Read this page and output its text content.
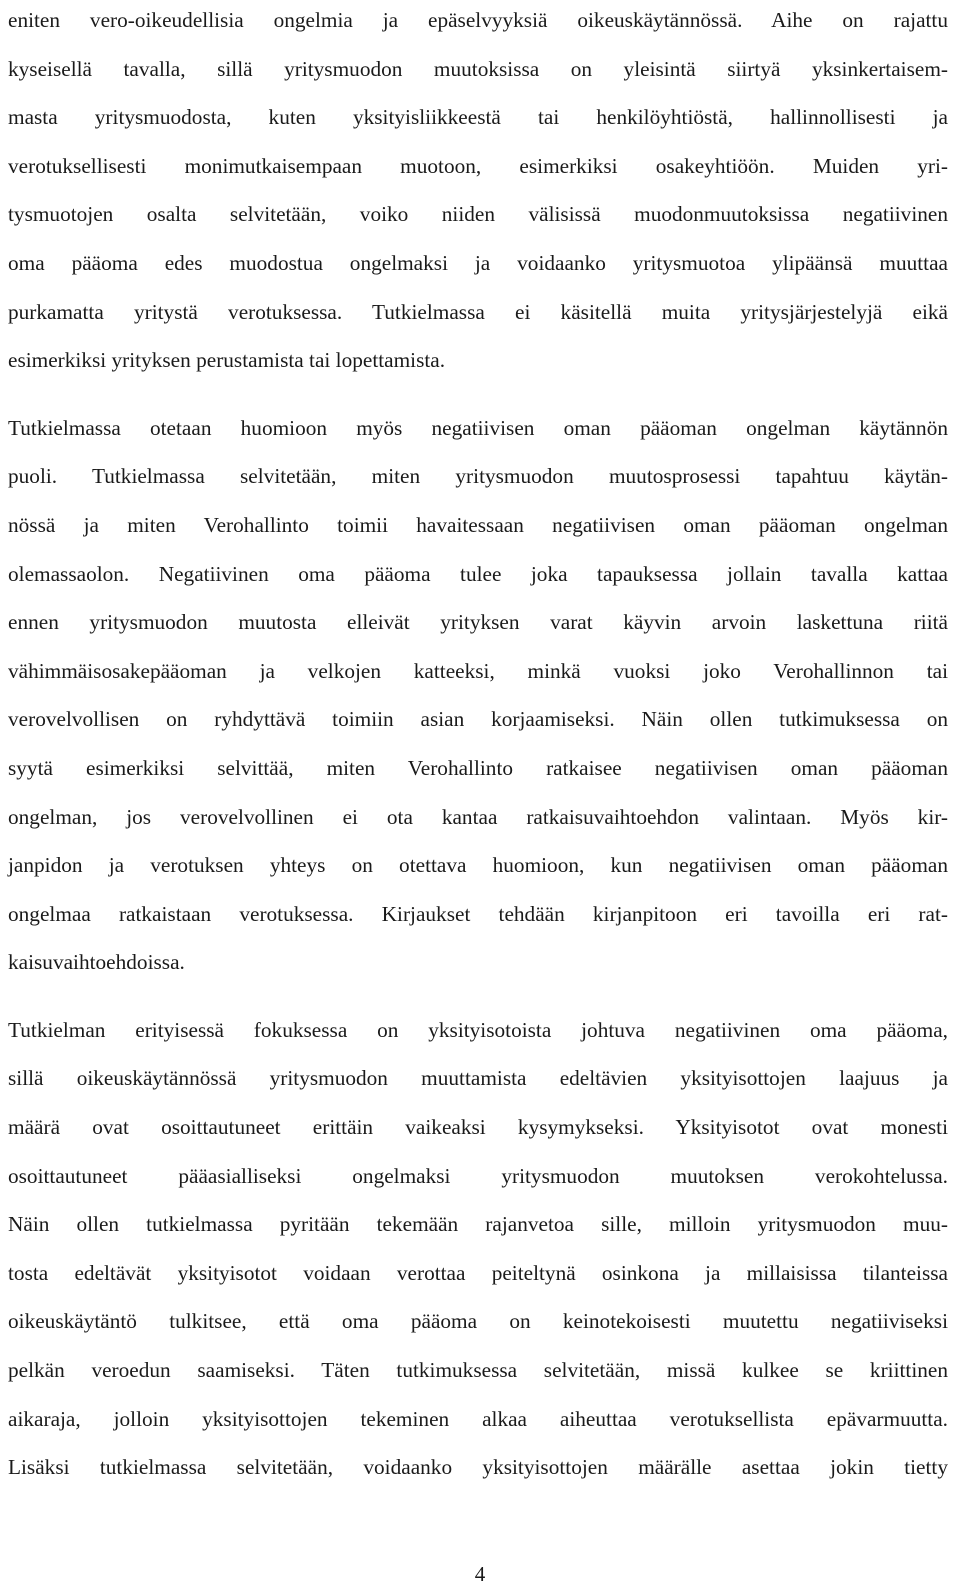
eniten vero-oikeudellisia ongelmia ja epäselvyyksiä oikeuskäytännössä. Aihe on rajattu
kyseisellä tavalla, sillä yritysmuodon muutoksissa on yleisintä siirtyä yksinkertaisem-
masta yritysmuodosta, kuten yksityisliikkeestä tai henkilöyhtiöstä, hallinnollisesti ja
verotuksellisesti monimutkaisempaan muotoon, esimerkiksi osakeyhtiöön. Muiden yri-
tysmuotojen osalta selvitetään, voiko niiden välisissä muodonmuutoksissa negatiivinen
oma pääoma edes muodostua ongelmaksi ja voidaanko yritysmuotoa ylipäänsä muuttaa
purkamatta yritystä verotuksessa. Tutkielmassa ei käsitellä muita yritysjärjestelyjä eikä
esimerkiksi yrityksen perustamista tai lopettamista.
Tutkielmassa otetaan huomioon myös negatiivisen oman pääoman ongelman käytännön
puoli. Tutkielmassa selvitetään, miten yritysmuodon muutosprosessi tapahtuu käytän-
nössä ja miten Verohallinto toimii havaitessaan negatiivisen oman pääoman ongelman
olemassaolon. Negatiivinen oma pääoma tulee joka tapauksessa jollain tavalla kattaa
ennen yritysmuodon muutosta elleivät yrityksen varat käyvin arvoin laskettuna riitä
vähimmäisosakepääoman ja velkojen katteeksi, minkä vuoksi joko Verohallinnon tai
verovelvollisen on ryhdyttävä toimiin asian korjaamiseksi. Näin ollen tutkimuksessa on
syytä esimerkiksi selvittää, miten Verohallinto ratkaisee negatiivisen oman pääoman
ongelman, jos verovelvollinen ei ota kantaa ratkaisuvaihtoehdon valintaan. Myös kir-
janpidon ja verotuksen yhteys on otettava huomioon, kun negatiivisen oman pääoman
ongelmaa ratkaistaan verotuksessa. Kirjaukset tehdään kirjanpitoon eri tavoilla eri rat-
kaisuvaihtoehdoissa.
Tutkielman erityisessä fokuksessa on yksityisotoista johtuva negatiivinen oma pääoma,
sillä oikeuskäytännössä yritysmuodon muuttamista edeltävien yksityisottojen laajuus ja
määrä ovat osoittautuneet erittäin vaikeaksi kysymykseksi. Yksityisotot ovat monesti
osoittautuneet pääasialliseksi ongelmaksi yritysmuodon muutoksen verokohtelussa.
Näin ollen tutkielmassa pyritään tekemään rajanvetoa sille, milloin yritysmuodon muu-
tosta edeltävät yksityisotot voidaan verottaa peiteltynä osinkona ja millaisissa tilanteissa
oikeuskäytäntö tulkitsee, että oma pääoma on keinotekoisesti muutettu negatiiviseksi
pelkän veroedun saamiseksi. Täten tutkimuksessa selvitetään, missä kulkee se kriittinen
aikaraja, jolloin yksityisottojen tekeminen alkaa aiheuttaa verotuksellista epävarmuutta.
Lisäksi tutkielmassa selvitetään, voidaanko yksityisottojen määrälle asettaa jokin tietty
4
